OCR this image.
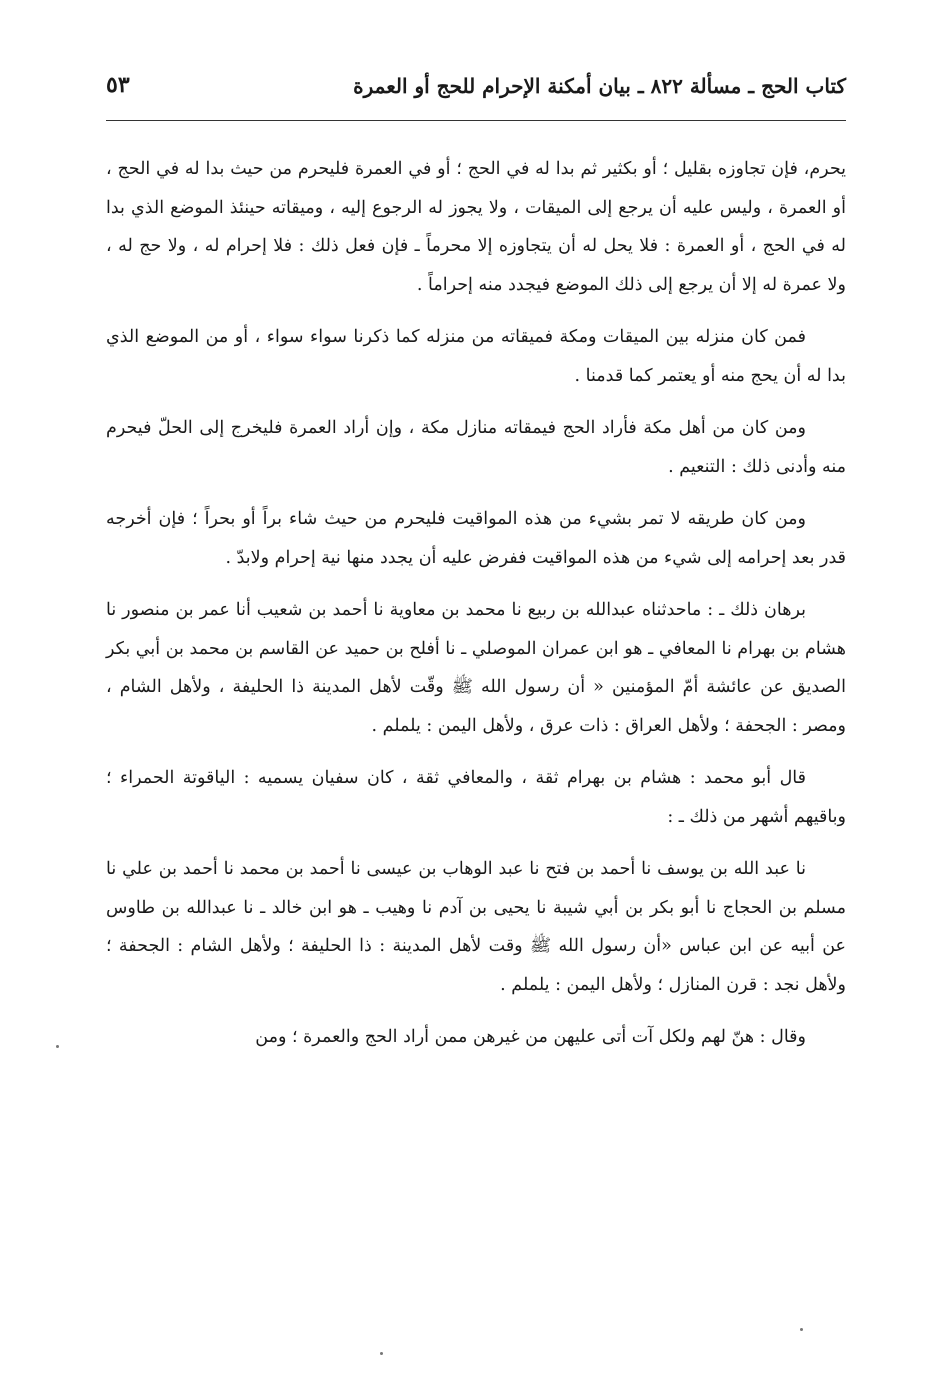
كتاب الحج ـ مسألة ٨٢٢ ـ بيان أمكنة الإحرام للحج أو العمرة
٥٣

يحرم، فإن تجاوزه بقليل ؛ أو بكثير ثم بدا له في الحج ؛ أو في العمرة فليحرم من حيث بدا له في الحج ، أو العمرة ، وليس عليه أن يرجع إلى الميقات ، ولا يجوز له الرجوع إليه ، وميقاته حينئذ الموضع الذي بدا له في الحج ، أو العمرة : فلا يحل له أن يتجاوزه إلا محرماً ـ فإن فعل ذلك : فلا إحرام له ، ولا حج له ، ولا عمرة له إلا أن يرجع إلى ذلك الموضع فيجدد منه إحراماً .

فمن كان منزله بين الميقات ومكة فميقاته من منزله كما ذكرنا سواء سواء ، أو من الموضع الذي بدا له أن يحج منه أو يعتمر كما قدمنا .

ومن كان من أهل مكة فأراد الحج فيمقاته منازل مكة ، وإن أراد العمرة فليخرج إلى الحلّ فيحرم منه وأدنى ذلك : التنعيم .

ومن كان طريقه لا تمر بشيء من هذه المواقيت فليحرم من حيث شاء براً أو بحراً ؛ فإن أخرجه قدر بعد إحرامه إلى شيء من هذه المواقيت ففرض عليه أن يجدد منها نية إحرام ولابدّ .

برهان ذلك ـ : ماحدثناه عبدالله بن ربيع نا محمد بن معاوية نا أحمد بن شعيب أنا عمر بن منصور نا هشام بن بهرام نا المعافي ـ هو ابن عمران الموصلي ـ نا أفلح بن حميد عن القاسم بن محمد بن أبي بكر الصديق عن عائشة أمّ المؤمنين « أن رسول الله ﷺ وقّت لأهل المدينة ذا الحليفة ، ولأهل الشام ، ومصر : الجحفة ؛ ولأهل العراق : ذات عرق ، ولأهل اليمن : يلملم .

قال أبو محمد : هشام بن بهرام ثقة ، والمعافي ثقة ، كان سفيان يسميه : الياقوتة الحمراء ؛ وباقيهم أشهر من ذلك ـ :

نا عبد الله بن يوسف نا أحمد بن فتح نا عبد الوهاب بن عيسى نا أحمد بن محمد نا أحمد بن علي نا مسلم بن الحجاج نا أبو بكر بن أبي شيبة نا يحيى بن آدم نا وهيب ـ هو ابن خالد ـ نا عبدالله بن طاوس عن أبيه عن ابن عباس «أن رسول الله ﷺ وقت لأهل المدينة : ذا الحليفة ؛ ولأهل الشام : الجحفة ؛ ولأهل نجد : قرن المنازل ؛ ولأهل اليمن : يلملم .

وقال : هنّ لهم ولكل آت أتى عليهن من غيرهن ممن أراد الحج والعمرة ؛ ومن
